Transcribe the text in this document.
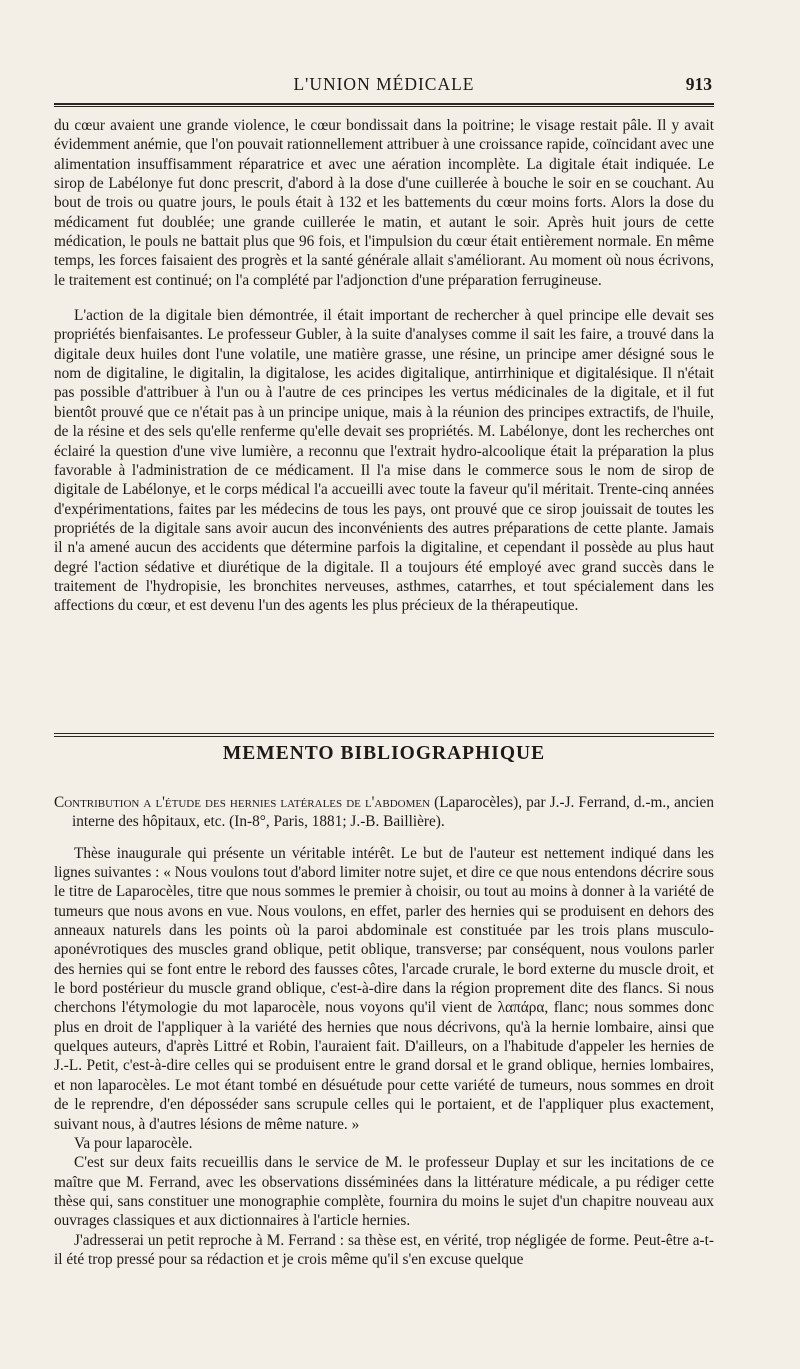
L'UNION MÉDICALE	913

du cœur avaient une grande violence, le cœur bondissait dans la poitrine; le visage restait pâle. Il y avait évidemment anémie, que l'on pouvait rationnellement attribuer à une croissance rapide, coïncidant avec une alimentation insuffisamment réparatrice et avec une aération incomplète. La digitale était indiquée. Le sirop de Labélonye fut donc prescrit, d'abord à la dose d'une cuillerée à bouche le soir en se couchant. Au bout de trois ou quatre jours, le pouls était à 132 et les battements du cœur moins forts. Alors la dose du médicament fut doublée; une grande cuillerée le matin, et autant le soir. Après huit jours de cette médication, le pouls ne battait plus que 96 fois, et l'impulsion du cœur était entièrement normale. En même temps, les forces faisaient des progrès et la santé générale allait s'améliorant. Au moment où nous écrivons, le traitement est continué; on l'a complété par l'adjonction d'une préparation ferrugineuse.

L'action de la digitale bien démontrée, il était important de rechercher à quel principe elle devait ses propriétés bienfaisantes. Le professeur Gubler, à la suite d'analyses comme il sait les faire, a trouvé dans la digitale deux huiles dont l'une volatile, une matière grasse, une résine, un principe amer désigné sous le nom de digitaline, le digitalin, la digitalose, les acides digitalique, antirrhinique et digitalésique. Il n'était pas possible d'attribuer à l'un ou à l'autre de ces principes les vertus médicinales de la digitale, et il fut bientôt prouvé que ce n'était pas à un principe unique, mais à la réunion des principes extractifs, de l'huile, de la résine et des sels qu'elle renferme qu'elle devait ses propriétés. M. Labélonye, dont les recherches ont éclairé la question d'une vive lumière, a reconnu que l'extrait hydro-alcoolique était la préparation la plus favorable à l'administration de ce médicament. Il l'a mise dans le commerce sous le nom de sirop de digitale de Labélonye, et le corps médical l'a accueilli avec toute la faveur qu'il méritait. Trente-cinq années d'expérimentations, faites par les médecins de tous les pays, ont prouvé que ce sirop jouissait de toutes les propriétés de la digitale sans avoir aucun des inconvénients des autres préparations de cette plante. Jamais il n'a amené aucun des accidents que détermine parfois la digitaline, et cependant il possède au plus haut degré l'action sédative et diurétique de la digitale. Il a toujours été employé avec grand succès dans le traitement de l'hydropisie, les bronchites nerveuses, asthmes, catarrhes, et tout spécialement dans les affections du cœur, et est devenu l'un des agents les plus précieux de la thérapeutique.

MEMENTO BIBLIOGRAPHIQUE

Contribution a l'étude des hernies latérales de l'abdomen (Laparocèles), par J.-J. Ferrand, d.-m., ancien interne des hôpitaux, etc. (In-8°, Paris, 1881; J.-B. Baillière).

Thèse inaugurale qui présente un véritable intérêt. Le but de l'auteur est nettement indiqué dans les lignes suivantes : « Nous voulons tout d'abord limiter notre sujet, et dire ce que nous entendons décrire sous le titre de Laparocèles, titre que nous sommes le premier à choisir, ou tout au moins à donner à la variété de tumeurs que nous avons en vue. Nous voulons, en effet, parler des hernies qui se produisent en dehors des anneaux naturels dans les points où la paroi abdominale est constituée par les trois plans musculo-aponévrotiques des muscles grand oblique, petit oblique, transverse; par conséquent, nous voulons parler des hernies qui se font entre le rebord des fausses côtes, l'arcade crurale, le bord externe du muscle droit, et le bord postérieur du muscle grand oblique, c'est-à-dire dans la région proprement dite des flancs. Si nous cherchons l'étymologie du mot laparocèle, nous voyons qu'il vient de λαπάρα, flanc; nous sommes donc plus en droit de l'appliquer à la variété des hernies que nous décrivons, qu'à la hernie lombaire, ainsi que quelques auteurs, d'après Littré et Robin, l'auraient fait. D'ailleurs, on a l'habitude d'appeler les hernies de J.-L. Petit, c'est-à-dire celles qui se produisent entre le grand dorsal et le grand oblique, hernies lombaires, et non laparocèles. Le mot étant tombé en désuétude pour cette variété de tumeurs, nous sommes en droit de le reprendre, d'en déposséder sans scrupule celles qui le portaient, et de l'appliquer plus exactement, suivant nous, à d'autres lésions de même nature. »

Va pour laparocèle.

C'est sur deux faits recueillis dans le service de M. le professeur Duplay et sur les incitations de ce maître que M. Ferrand, avec les observations disséminées dans la littérature médicale, a pu rédiger cette thèse qui, sans constituer une monographie complète, fournira du moins le sujet d'un chapitre nouveau aux ouvrages classiques et aux dictionnaires à l'article hernies.

J'adresserai un petit reproche à M. Ferrand : sa thèse est, en vérité, trop négligée de forme. Peut-être a-t-il été trop pressé pour sa rédaction et je crois même qu'il s'en excuse quelque
